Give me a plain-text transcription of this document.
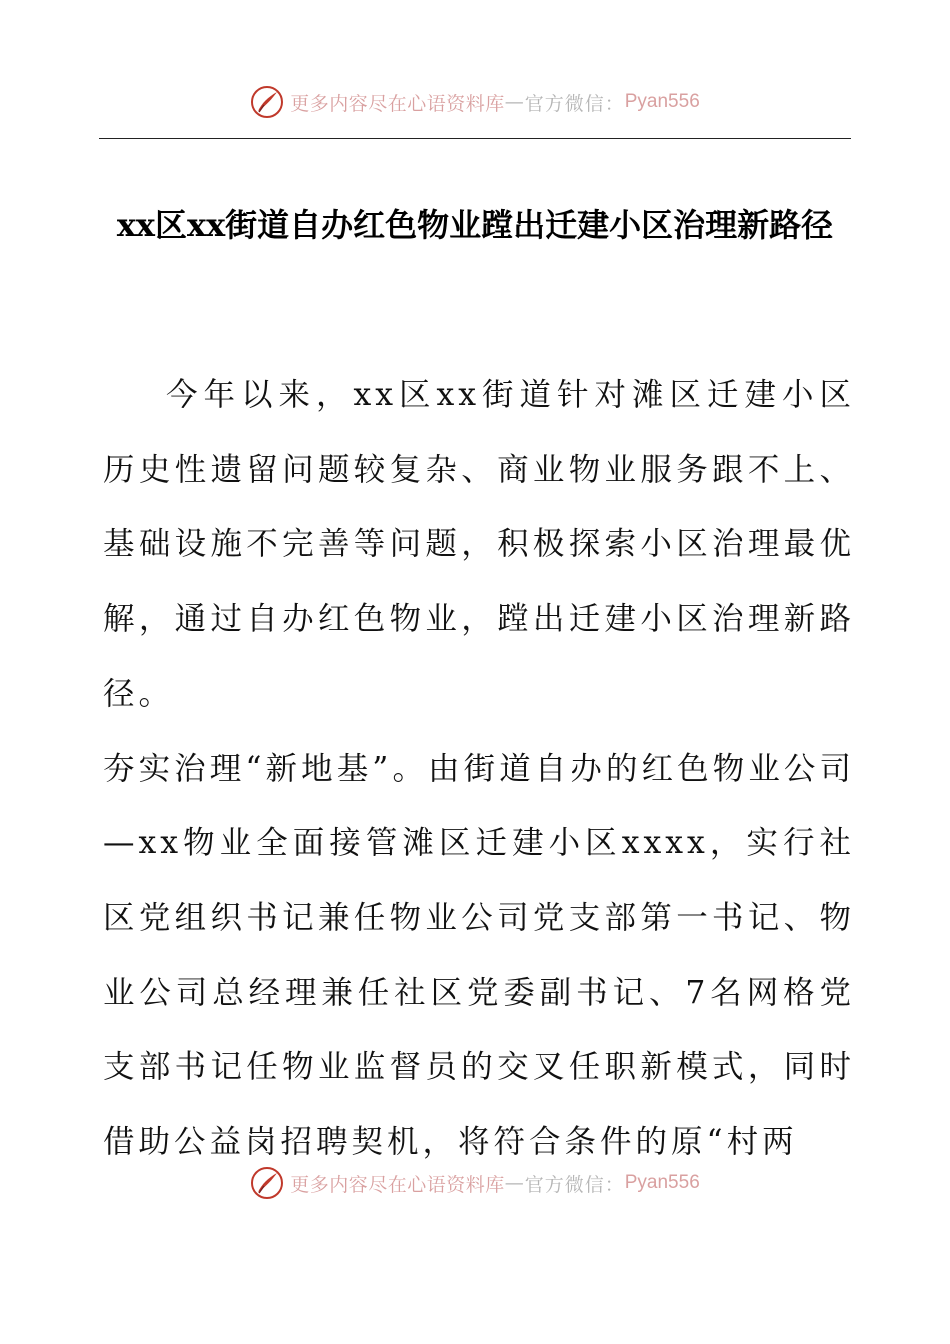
更多内容尽在心语资料库 — 官方微信： Pyan556
xx区xx街道自办红色物业蹚出迁建小区治理新路径

今年以来，xx区xx街道针对滩区迁建小区历史性遗留问题较复杂、商业物业服务跟不上、基础设施不完善等问题，积极探索小区治理最优解，通过自办红色物业，蹚出迁建小区治理新路径。

夯实治理“新地基”。由街道自办的红色物业公司—xx物业全面接管滩区迁建小区xxxx，实行社区党组织书记兼任物业公司党支部第一书记、物业公司总经理兼任社区党委副书记、7名网格党支部书记任物业监督员的交叉任职新模式，同时借助公益岗招聘契机，将符合条件的原“村两

更多内容尽在心语资料库 — 官方微信： Pyan556
